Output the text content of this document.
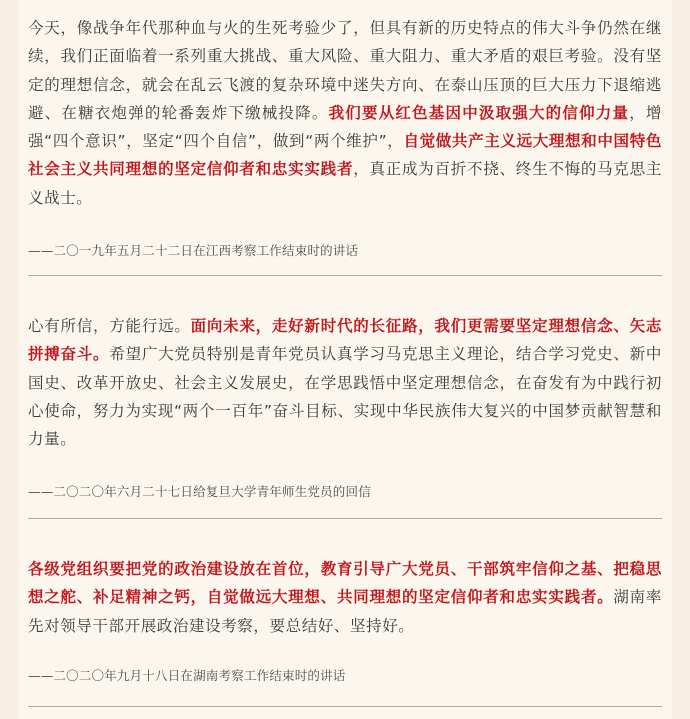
今天，像战争年代那种血与火的生死考验少了，但具有新的历史特点的伟大斗争仍然在继续，我们正面临着一系列重大挑战、重大风险、重大阻力、重大矛盾的艰巨考验。没有坚定的理想信念，就会在乱云飞渡的复杂环境中迷失方向、在泰山压顶的巨大压力下退缩逃避、在糖衣炮弹的轮番轰炸下缴械投降。我们要从红色基因中汲取强大的信仰力量，增强“四个意识”，坚定“四个自信”，做到“两个维护”，自觉做共产主义远大理想和中国特色社会主义共同理想的坚定信仰者和忠实实践者，真正成为百折不挠、终生不悔的马克思主义战士。

——二〇一九年五月二十二日在江西考察工作结束时的讲话

心有所信，方能行远。面向未来，走好新时代的长征路，我们更需要坚定理想信念、矢志拼搏奋斗。希望广大党员特别是青年党员认真学习马克思主义理论，结合学习党史、新中国史、改革开放史、社会主义发展史，在学思践悟中坚定理想信念，在奋发有为中践行初心使命，努力为实现“两个一百年”奋斗目标、实现中华民族伟大复兴的中国梦贡献智慧和力量。

——二〇二〇年六月二十七日给复旦大学青年师生党员的回信

各级党组织要把党的政治建设放在首位，教育引导广大党员、干部筑牢信仰之基、把稳思想之舵、补足精神之钙，自觉做远大理想、共同理想的坚定信仰者和忠实实践者。湖南率先对领导干部开展政治建设考察，要总结好、坚持好。

——二〇二〇年九月十八日在湖南考察工作结束时的讲话
